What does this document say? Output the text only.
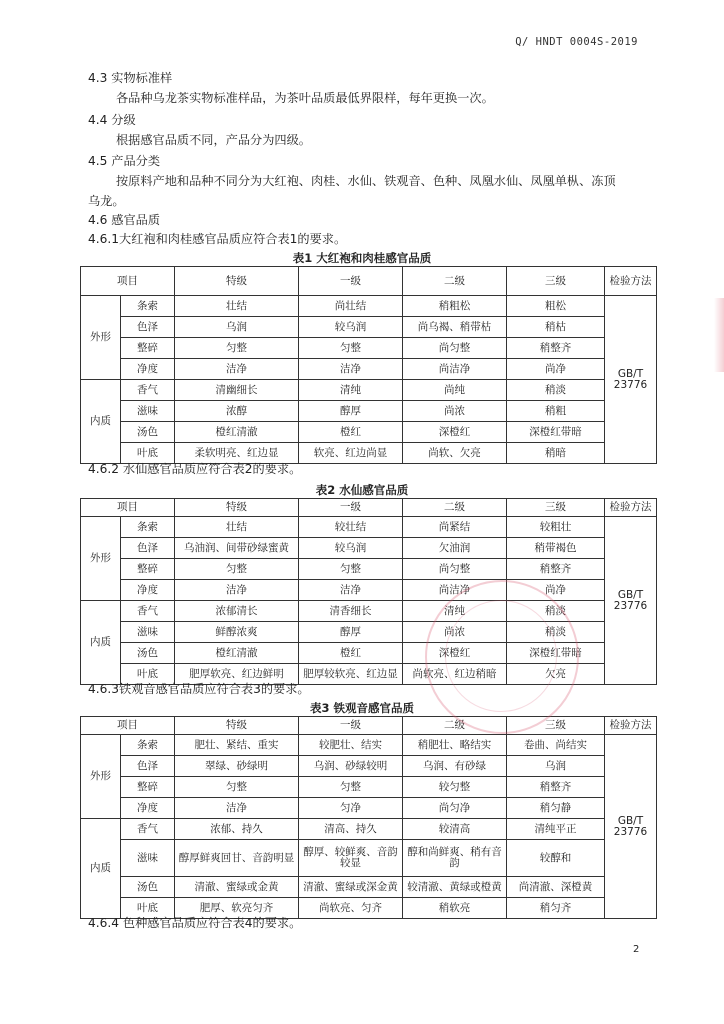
Q/ HNDT 0004S-2019
4.3 实物标准样
各品种乌龙茶实物标准样品，为茶叶品质最低界限样，每年更换一次。
4.4 分级
根据感官品质不同，产品分为四级。
4.5 产品分类
按原料产地和品种不同分为大红袍、肉桂、水仙、铁观音、色种、凤凰水仙、凤凰单枞、冻顶
乌龙。
4.6 感官品质
4.6.1大红袍和肉桂感官品质应符合表1的要求。
表1 大红袍和肉桂感官品质
项目		特级	一级	二级	三级	检验方法
外形	条索	壮结	尚壮结	稍粗松	粗松	GB/T 23776
	色泽	乌润	较乌润	尚乌褐、稍带枯	稍枯	
	整碎	匀整	匀整	尚匀整	稍整齐	
	净度	洁净	洁净	尚洁净	尚净	
内质	香气	清幽细长	清纯	尚纯	稍淡	
	滋味	浓醇	醇厚	尚浓	稍粗	
	汤色	橙红清澈	橙红	深橙红	深橙红带暗	
	叶底	柔软明亮、红边显	软亮、红边尚显	尚软、欠亮	稍暗	
4.6.2 水仙感官品质应符合表2的要求。
表2 水仙感官品质
项目		特级	一级	二级	三级	检验方法
外形	条索	壮结	较壮结	尚紧结	较粗壮	GB/T 23776
	色泽	乌油润、间带砂绿蜜黄	较乌润	欠油润	稍带褐色	
	整碎	匀整	匀整	尚匀整	稍整齐	
	净度	洁净	洁净	尚洁净	尚净	
内质	香气	浓郁清长	清香细长	清纯	稍淡	
	滋味	鲜醇浓爽	醇厚	尚浓	稍淡	
	汤色	橙红清澈	橙红	深橙红	深橙红带暗	
	叶底	肥厚软亮、红边鲜明	肥厚较软亮、红边显	尚软亮、红边稍暗	欠亮	
4.6.3铁观音感官品质应符合表3的要求。
表3 铁观音感官品质
项目		特级	一级	二级	三级	检验方法
外形	条索	肥壮、紧结、重实	较肥壮、结实	稍肥壮、略结实	卷曲、尚结实	GB/T 23776
	色泽	翠绿、砂绿明	乌润、砂绿较明	乌润、有砂绿	乌润	
	整碎	匀整	匀整	较匀整	稍整齐	
	净度	洁净	匀净	尚匀净	稍匀静	
内质	香气	浓郁、持久	清高、持久	较清高	清纯平正	
	滋味	醇厚鲜爽回甘、音韵明显	醇厚、较鲜爽、音韵较显	醇和尚鲜爽、稍有音韵	较醇和	
	汤色	清澈、蜜绿或金黄	清澈、蜜绿或深金黄	较清澈、黄绿或橙黄	尚清澈、深橙黄	
	叶底	肥厚、软亮匀齐	尚软亮、匀齐	稍软亮	稍匀齐	
4.6.4 色种感官品质应符合表4的要求。
2
